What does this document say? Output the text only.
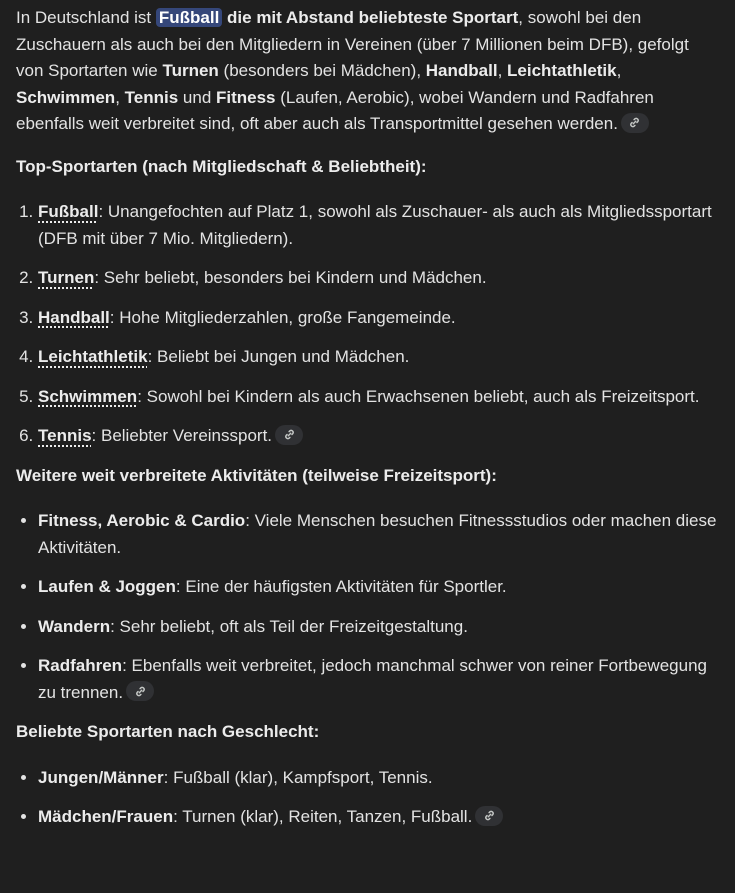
In Deutschland ist Fußball die mit Abstand beliebteste Sportart, sowohl bei den Zuschauern als auch bei den Mitgliedern in Vereinen (über 7 Millionen beim DFB), gefolgt von Sportarten wie Turnen (besonders bei Mädchen), Handball, Leichtathletik, Schwimmen, Tennis und Fitness (Laufen, Aerobic), wobei Wandern und Radfahren ebenfalls weit verbreitet sind, oft aber auch als Transportmittel gesehen werden.

Top-Sportarten (nach Mitgliedschaft & Beliebtheit):
1. Fußball: Unangefochten auf Platz 1, sowohl als Zuschauer- als auch als Mitgliedssportart (DFB mit über 7 Mio. Mitgliedern).
2. Turnen: Sehr beliebt, besonders bei Kindern und Mädchen.
3. Handball: Hohe Mitgliederzahlen, große Fangemeinde.
4. Leichtathletik: Beliebt bei Jungen und Mädchen.
5. Schwimmen: Sowohl bei Kindern als auch Erwachsenen beliebt, auch als Freizeitsport.
6. Tennis: Beliebter Vereinssport.
Weitere weit verbreitete Aktivitäten (teilweise Freizeitsport):
• Fitness, Aerobic & Cardio: Viele Menschen besuchen Fitnessstudios oder machen diese Aktivitäten.
• Laufen & Joggen: Eine der häufigsten Aktivitäten für Sportler.
• Wandern: Sehr beliebt, oft als Teil der Freizeitgestaltung.
• Radfahren: Ebenfalls weit verbreitet, jedoch manchmal schwer von reiner Fortbewegung zu trennen.
Beliebte Sportarten nach Geschlecht:
• Jungen/Männer: Fußball (klar), Kampfsport, Tennis.
• Mädchen/Frauen: Turnen (klar), Reiten, Tanzen, Fußball.
